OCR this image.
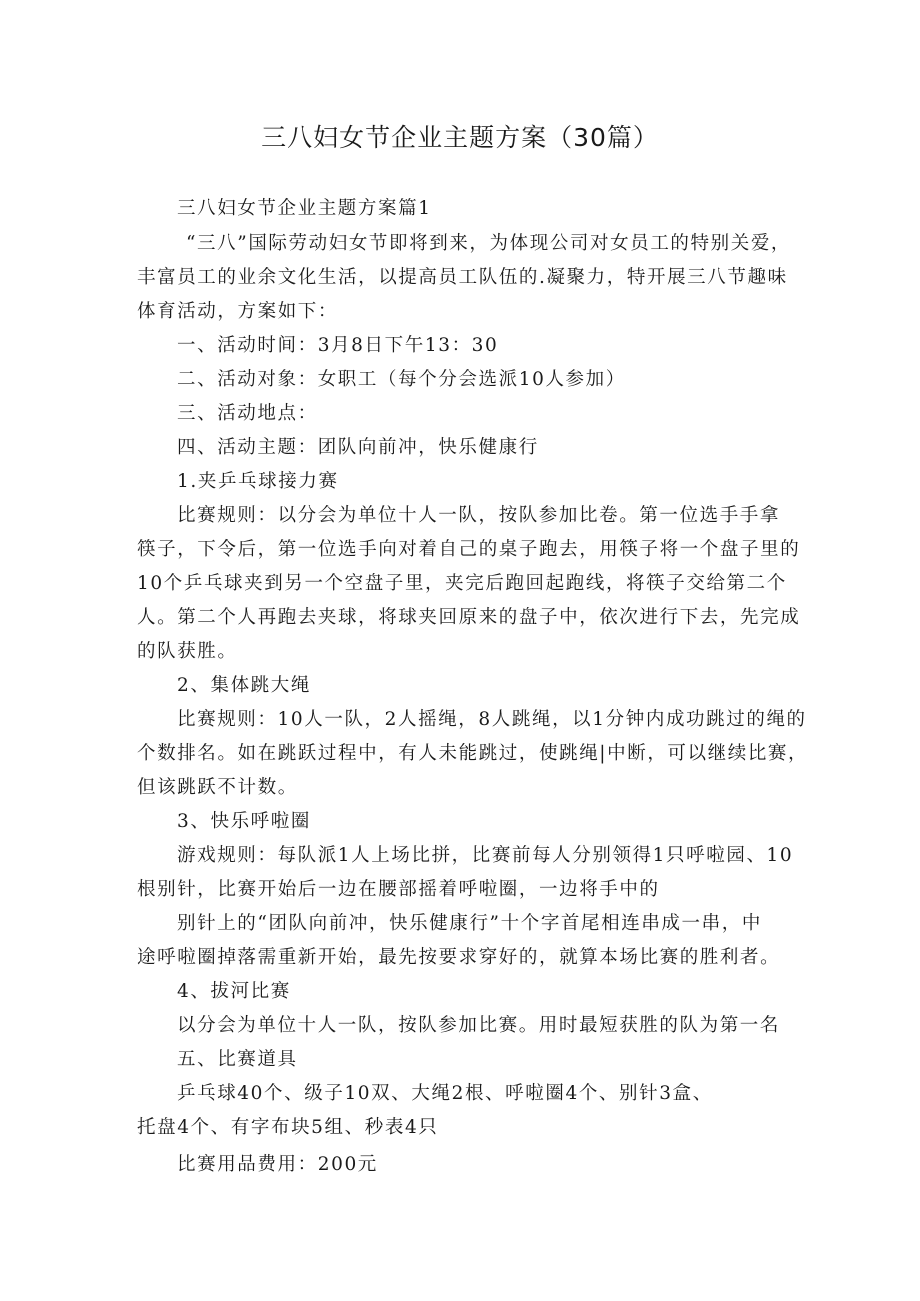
三八妇女节企业主题方案（30篇）
三八妇女节企业主题方案篇1
“三八”国际劳动妇女节即将到来，为体现公司对女员工的特别关爱，
丰富员工的业余文化生活，以提高员工队伍的.凝聚力，特开展三八节趣味
体育活动，方案如下：
一、活动时间：3月8日下午13：30
二、活动对象：女职工（每个分会选派10人参加）
三、活动地点：
四、活动主题：团队向前冲，快乐健康行
1.夹乒乓球接力赛
比赛规则：以分会为单位十人一队，按队参加比卷。第一位选手手拿
筷子，下令后，第一位选手向对着自己的桌子跑去，用筷子将一个盘子里的
10个乒乓球夹到另一个空盘子里，夹完后跑回起跑线，将筷子交给第二个
人。第二个人再跑去夹球，将球夹回原来的盘子中，依次进行下去，先完成
的队获胜。
2、集体跳大绳
比赛规则：10人一队，2人摇绳，8人跳绳，以1分钟内成功跳过的绳的
个数排名。如在跳跃过程中，有人未能跳过，使跳绳|中断，可以继续比赛，
但该跳跃不计数。
3、快乐呼啦圈
游戏规则：每队派1人上场比拼，比赛前每人分别领得1只呼啦园、10
根别针，比赛开始后一边在腰部摇着呼啦圈，一边将手中的
别针上的“团队向前冲，快乐健康行”十个字首尾相连串成一串，中
途呼啦圈掉落需重新开始，最先按要求穿好的，就算本场比赛的胜利者。
4、拔河比赛
以分会为单位十人一队，按队参加比赛。用时最短获胜的队为第一名
五、比赛道具
乒乓球40个、级子10双、大绳2根、呼啦圈4个、别针3盒、
托盘4个、有字布块5组、秒表4只
比赛用品费用：200元
